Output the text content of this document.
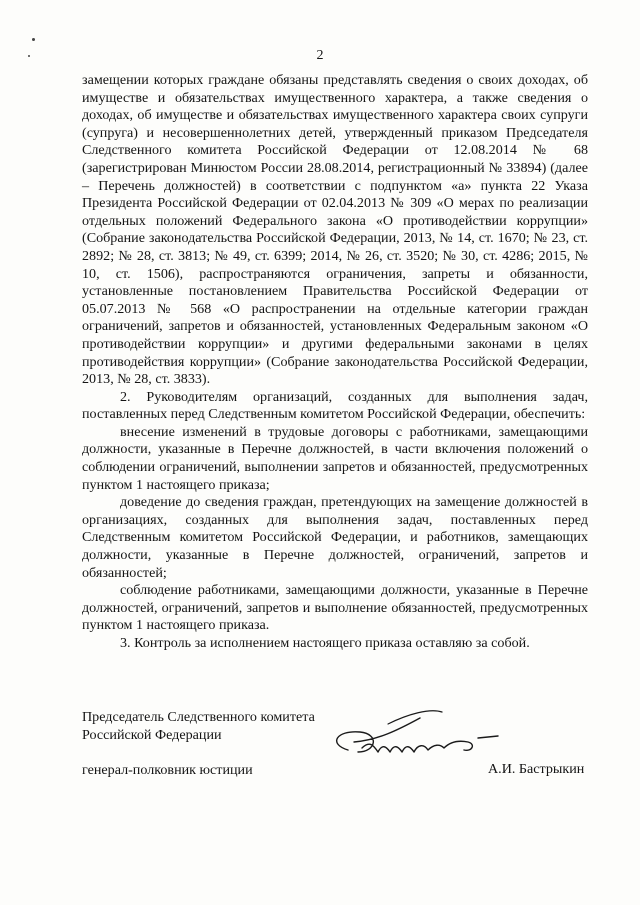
2

замещении которых граждане обязаны представлять сведения о своих доходах, об имуществе и обязательствах имущественного характера, а также сведения о доходах, об имуществе и обязательствах имущественного характера своих супруги (супруга) и несовершеннолетних детей, утвержденный приказом Председателя Следственного комитета Российской Федерации от 12.08.2014 № 68 (зарегистрирован Минюстом России 28.08.2014, регистрационный № 33894) (далее – Перечень должностей) в соответствии с подпунктом «а» пункта 22 Указа Президента Российской Федерации от 02.04.2013 № 309 «О мерах по реализации отдельных положений Федерального закона «О противодействии коррупции» (Собрание законодательства Российской Федерации, 2013, № 14, ст. 1670; № 23, ст. 2892; № 28, ст. 3813; № 49, ст. 6399; 2014, № 26, ст. 3520; № 30, ст. 4286; 2015, № 10, ст. 1506), распространяются ограничения, запреты и обязанности, установленные постановлением Правительства Российской Федерации от 05.07.2013 № 568 «О распространении на отдельные категории граждан ограничений, запретов и обязанностей, установленных Федеральным законом «О противодействии коррупции» и другими федеральными законами в целях противодействия коррупции» (Собрание законодательства Российской Федерации, 2013, № 28, ст. 3833).

2. Руководителям организаций, созданных для выполнения задач, поставленных перед Следственным комитетом Российской Федерации, обеспечить:

внесение изменений в трудовые договоры с работниками, замещающими должности, указанные в Перечне должностей, в части включения положений о соблюдении ограничений, выполнении запретов и обязанностей, предусмотренных пунктом 1 настоящего приказа;

доведение до сведения граждан, претендующих на замещение должностей в организациях, созданных для выполнения задач, поставленных перед Следственным комитетом Российской Федерации, и работников, замещающих должности, указанные в Перечне должностей, ограничений, запретов и обязанностей;

соблюдение работниками, замещающими должности, указанные в Перечне должностей, ограничений, запретов и выполнение обязанностей, предусмотренных пунктом 1 настоящего приказа.

3. Контроль за исполнением настоящего приказа оставляю за собой.

Председатель Следственного комитета
Российской Федерации
генерал-полковник юстиции	А.И. Бастрыкин
